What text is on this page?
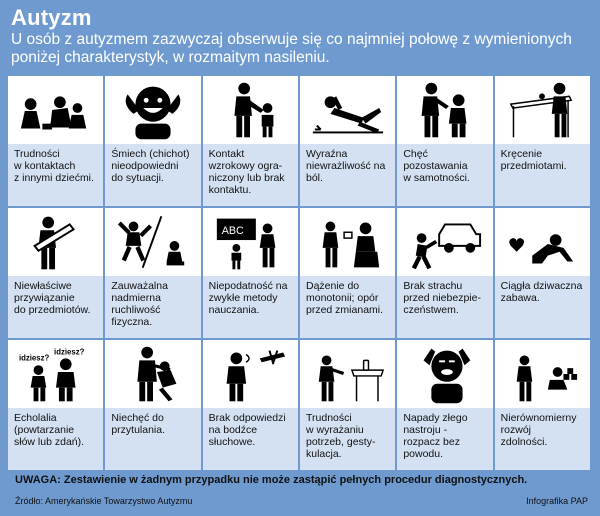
Autyzm
U osób z autyzmem zazwyczaj obserwuje się co najmniej połowę z wymienionych poniżej charakterystyk, w rozmaitym nasileniu.
Trudności
w kontaktach
z innymi dziećmi.
Śmiech (chichot)
nieodpowiedni
do sytuacji.
Kontakt
wzrokowy ogra-
niczony lub brak
kontaktu.
Wyraźna
niewrażliwość na
ból.
Chęć
pozostawania
w samotności.
Kręcenie
przedmiotami.
Niewłaściwe
przywiązanie
do przedmiotów.
Zauważalna
nadmierna
ruchliwość
fizyczna.
ABC
Niepodatność na
zwykłe metody
nauczania.
Dążenie do
monotonii; opór
przed zmianami.
Brak strachu
przed niebezpie-
czeństwem.
Ciągła dziwaczna
zabawa.
idziesz?
idziesz?
Echolalia
(powtarzanie
słów lub zdań).
Niechęć do
przytulania.
Brak odpowiedzi
na bodźce
słuchowe.
Trudności
w wyrażaniu
potrzeb, gesty-
kulacja.
Napady złego
nastroju -
rozpacz bez
powodu.
Nierównomierny
rozwój
zdolności.
UWAGA: Zestawienie w żadnym przypadku nie może zastąpić pełnych procedur diagnostycznych.
Źródło: Amerykańskie Towarzystwo Autyzmu	Infografika PAP
